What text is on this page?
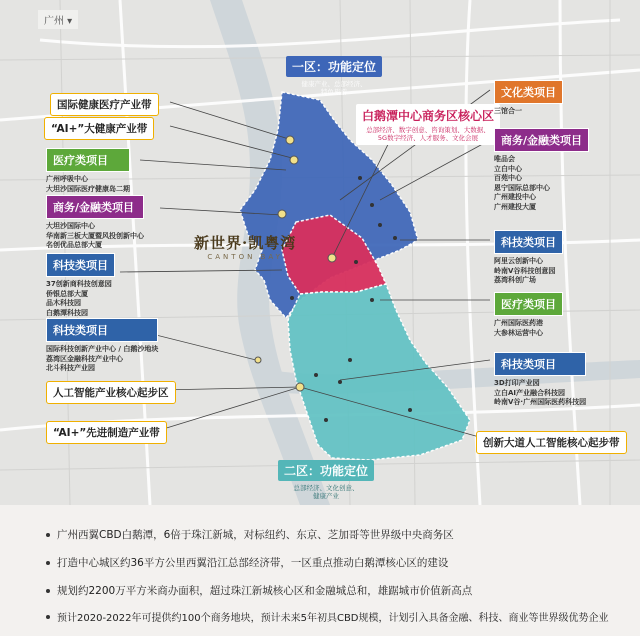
广州 ▾
一区：功能定位
健康产业、总部经济、
特色旅游
白鹅潭中心商务区核心区
总部经济、数字创意、咨询策划、大数据、
5G数字经济、人才服务、文化会展
二区：功能定位
总部经济、文化创意、
健康产业
新世界·凯粤湾
CANTON BAY
国际健康医疗产业带
“AI+”大健康产业带
医疗类项目
广州呼吸中心
大坦沙国际医疗健康岛二期
商务/金融类项目
大坦沙国际中心
华南新三板大厦暨风投创新中心
名创优品总部大厦
科技类项目
37创新商科技创意园
侨银总部大厦
品木科技园
白鹅潭科技园
科技类项目
国际科技创新产业中心 / 白鹅沙地块
荔湾区金融科技产业中心
北斗科技产业园
人工智能产业核心起步区
“AI+”先进制造产业带
文化类项目
三馆合一
商务/金融类项目
唯品会
立白中心
百苑中心
恩宁国际总部中心
广州建投中心
广州建投大厦
科技类项目
阿里云创新中心
岭南V谷科技创意园
荔湾科创广场
医疗类项目
广州国际医药港
大参林运营中心
科技类项目
3D打印产业园
立白AI产业融合科技园
岭南V谷·广州国际医药科技园
创新大道人工智能核心起步带
广州西翼CBD白鹅潭，6倍于珠江新城，对标纽约、东京、芝加哥等世界级中央商务区
打造中心城区约36平方公里西翼沿江总部经济带，一区重点推动白鹅潭核心区的建设
规划约2200万平方米商办面积，超过珠江新城核心区和金融城总和，雄踞城市价值新高点
预计2020-2022年可提供约100个商务地块，预计未来5年初具CBD规模，计划引入具备金融、科技、商业等世界级优势企业
